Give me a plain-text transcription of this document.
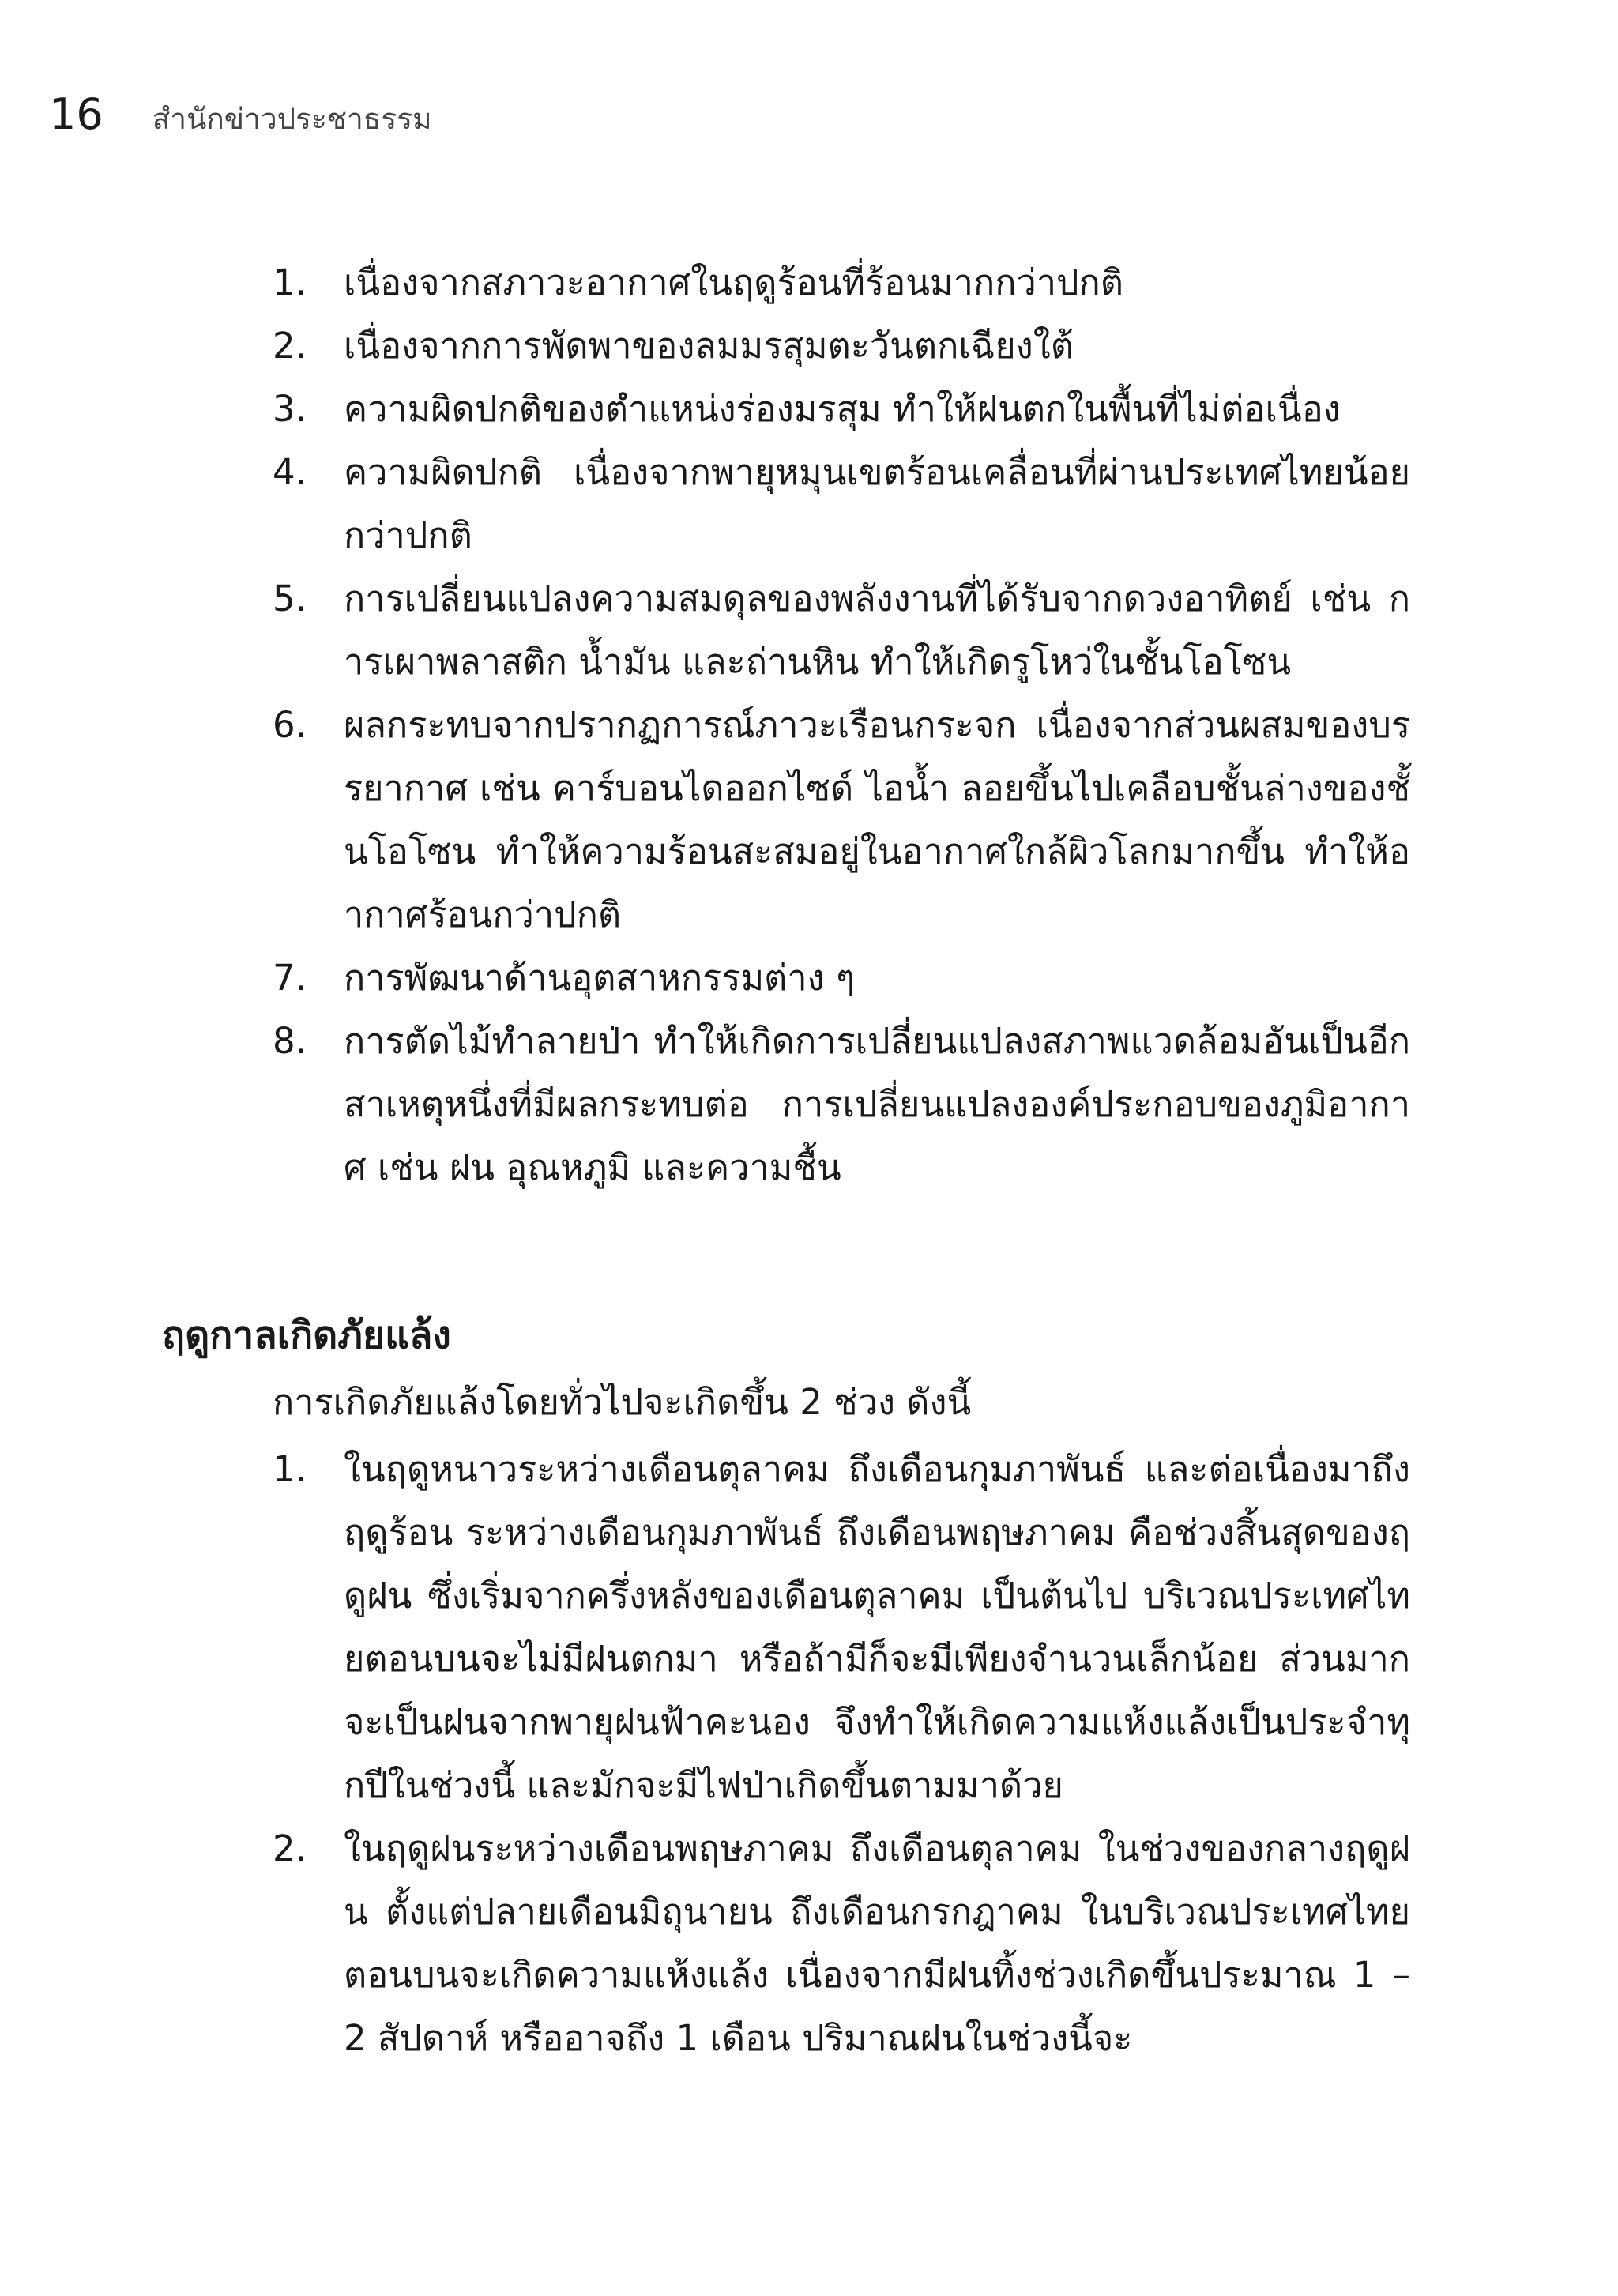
16 สำนักข่าวประชาธรรม
1.	เนื่องจากสภาวะอากาศในฤดูร้อนที่ร้อนมากกว่าปกติ
2.	เนื่องจากการพัดพาของลมมรสุมตะวันตกเฉียงใต้
3.	ความผิดปกติของตำแหน่งร่องมรสุม ทำให้ฝนตกในพื้นที่ไม่ต่อเนื่อง
4.	ความผิดปกติ เนื่องจากพายุหมุนเขตร้อนเคลื่อนที่ผ่านประเทศไทยน้อยกว่าปกติ
5.	การเปลี่ยนแปลงความสมดุลของพลังงานที่ได้รับจากดวงอาทิตย์ เช่น การเผาพลาสติก น้ำมัน และถ่านหิน ทำให้เกิดรูโหว่ในชั้นโอโซน
6.	ผลกระทบจากปรากฏการณ์ภาวะเรือนกระจก เนื่องจากส่วนผสมของบรรยากาศ เช่น คาร์บอนไดออกไซด์ ไอน้ำ ลอยขึ้นไปเคลือบชั้นล่างของชั้นโอโซน ทำให้ความร้อนสะสมอยู่ในอากาศใกล้ผิวโลกมากขึ้น ทำให้อากาศร้อนกว่าปกติ
7.	การพัฒนาด้านอุตสาหกรรมต่าง ๆ
8.	การตัดไม้ทำลายป่า ทำให้เกิดการเปลี่ยนแปลงสภาพแวดล้อมอันเป็นอีกสาเหตุหนึ่งที่มีผลกระทบต่อ การเปลี่ยนแปลงองค์ประกอบของภูมิอากาศ เช่น ฝน อุณหภูมิ และความชื้น
ฤดูกาลเกิดภัยแล้ง

การเกิดภัยแล้งโดยทั่วไปจะเกิดขึ้น 2 ช่วง ดังนี้

1.	ในฤดูหนาวระหว่างเดือนตุลาคม ถึงเดือนกุมภาพันธ์ และต่อเนื่องมาถึงฤดูร้อน ระหว่างเดือนกุมภาพันธ์ ถึงเดือนพฤษภาคม คือช่วงสิ้นสุดของฤดูฝน ซึ่งเริ่มจากครึ่งหลังของเดือนตุลาคม เป็นต้นไป บริเวณประเทศไทยตอนบนจะไม่มีฝนตกมา หรือถ้ามีก็จะมีเพียงจำนวนเล็กน้อย ส่วนมากจะเป็นฝนจากพายุฝนฟ้าคะนอง จึงทำให้เกิดความแห้งแล้งเป็นประจำทุกปีในช่วงนี้ และมักจะมีไฟป่าเกิดขึ้นตามมาด้วย
2.	ในฤดูฝนระหว่างเดือนพฤษภาคม ถึงเดือนตุลาคม ในช่วงของกลางฤดูฝน ตั้งแต่ปลายเดือนมิถุนายน ถึงเดือนกรกฎาคม ในบริเวณประเทศไทยตอนบนจะเกิดความแห้งแล้ง เนื่องจากมีฝนทิ้งช่วงเกิดขึ้นประมาณ 1 – 2 สัปดาห์ หรืออาจถึง 1 เดือน ปริมาณฝนในช่วงนี้จะ
